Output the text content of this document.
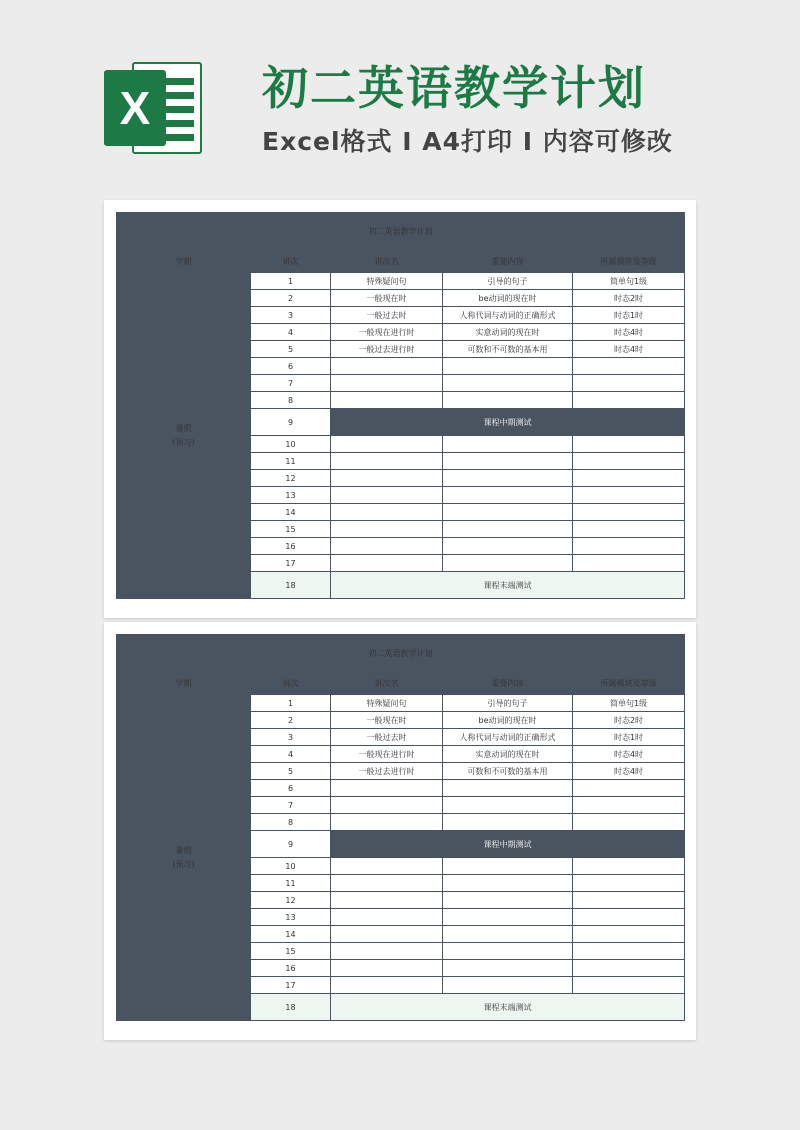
X	初二英语教学计划
Excel格式 I A4打印 I 内容可修改
初二英语教学计划				
学期	讲次	讲次名	重要内容	所属模块及等级

暑假
(预习)	1	特殊疑问句	引导的句子	简单句1级
	2	一般现在时	be动词的现在时	时态2时
	3	一般过去时	人称代词与动词的正确形式	时态1时
	4	一般现在进行时	实意动词的现在时	时态4时
	5	一般过去进行时	可数和不可数的基本用	时态4时
	6			
	7			
	8			
	9	课程中期测试		
	10			
	11			
	12			
	13			
	14			
	15			
	16			
	17			
	18	课程末端测试		
初二英语教学计划				
学期	讲次	讲次名	重要内容	所属模块及等级

暑假
(预习)	1	特殊疑问句	引导的句子	简单句1级
	2	一般现在时	be动词的现在时	时态2时
	3	一般过去时	人称代词与动词的正确形式	时态1时
	4	一般现在进行时	实意动词的现在时	时态4时
	5	一般过去进行时	可数和不可数的基本用	时态4时
	6			
	7			
	8			
	9	课程中期测试		
	10			
	11			
	12			
	13			
	14			
	15			
	16			
	17			
	18	课程末端测试		
